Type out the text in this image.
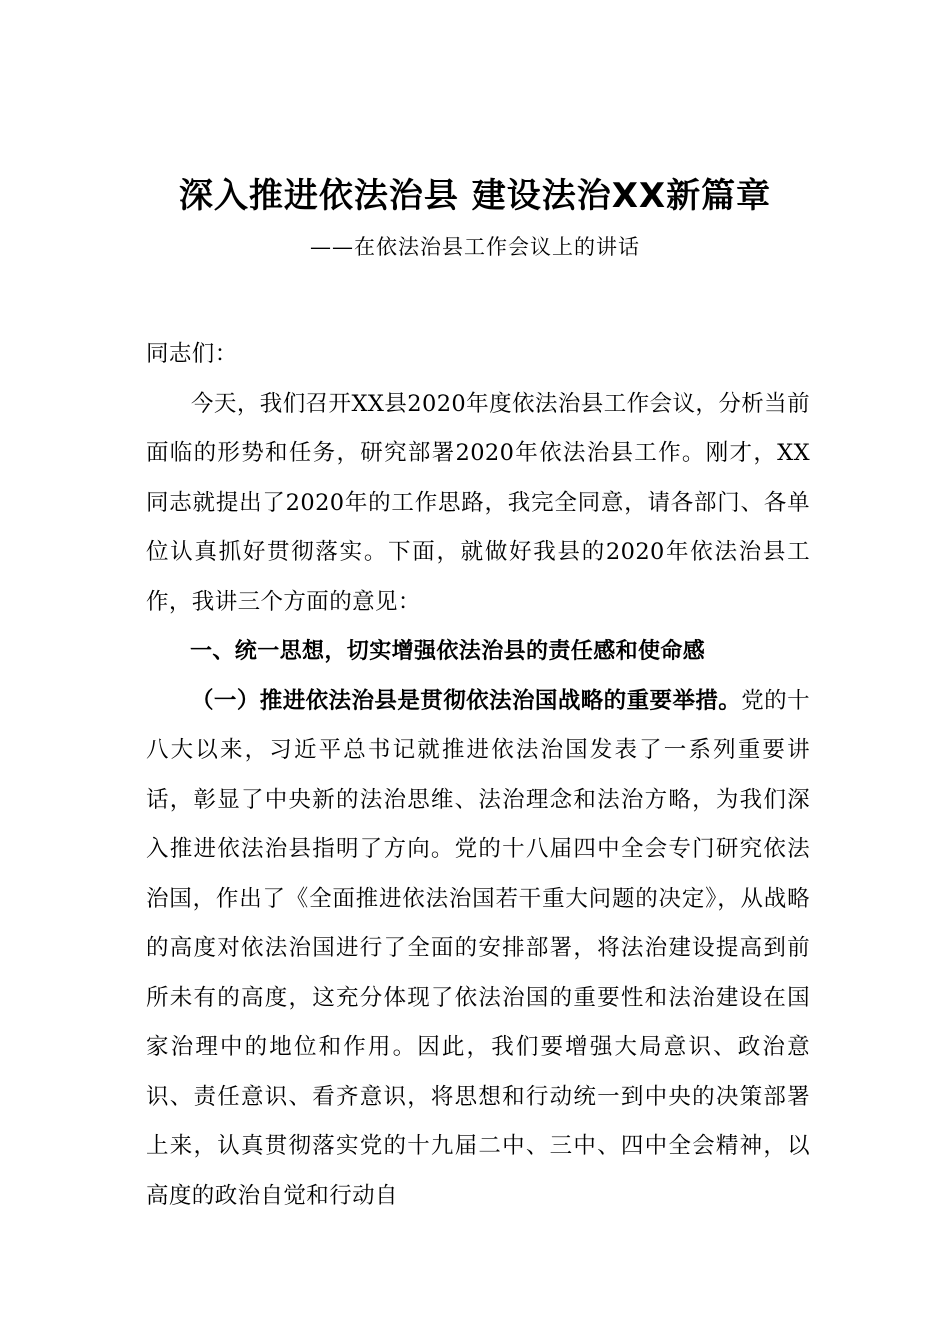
深入推进依法治县 建设法治XX新篇章

——在依法治县工作会议上的讲话

同志们：

今天，我们召开XX县2020年度依法治县工作会议，分析当前面临的形势和任务，研究部署2020年依法治县工作。刚才，XX同志就提出了2020年的工作思路，我完全同意，请各部门、各单位认真抓好贯彻落实。下面，就做好我县的2020年依法治县工作，我讲三个方面的意见：

一、统一思想，切实增强依法治县的责任感和使命感

（一）推进依法治县是贯彻依法治国战略的重要举措。党的十八大以来，习近平总书记就推进依法治国发表了一系列重要讲话，彰显了中央新的法治思维、法治理念和法治方略，为我们深入推进依法治县指明了方向。党的十八届四中全会专门研究依法治国，作出了《全面推进依法治国若干重大问题的决定》，从战略的高度对依法治国进行了全面的安排部署，将法治建设提高到前所未有的高度，这充分体现了依法治国的重要性和法治建设在国家治理中的地位和作用。因此，我们要增强大局意识、政治意识、责任意识、看齐意识，将思想和行动统一到中央的决策部署上来，认真贯彻落实党的十九届二中、三中、四中全会精神，以高度的政治自觉和行动自
